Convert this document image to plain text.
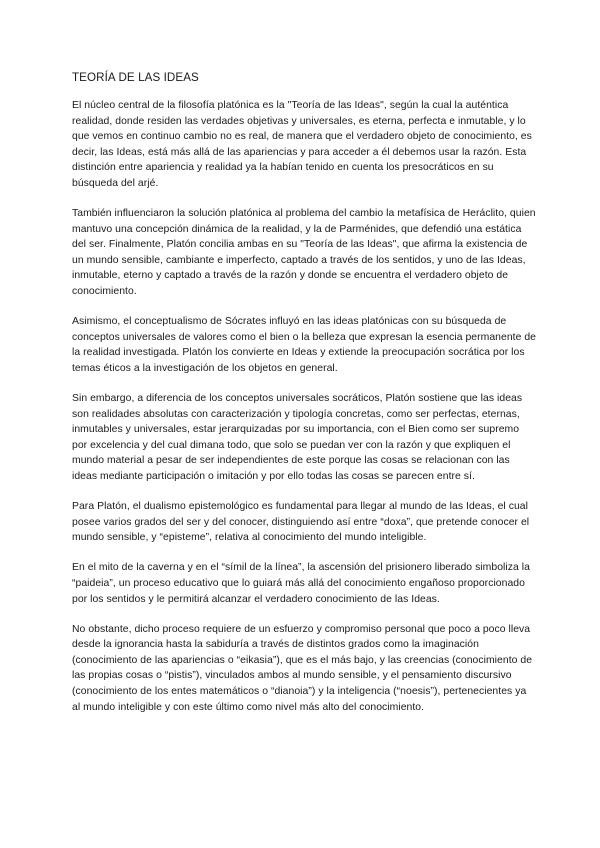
TEORÍA DE LAS IDEAS

El núcleo central de la filosofía platónica es la "Teoría de las Ideas", según la cual la auténtica realidad, donde residen las verdades objetivas y universales, es eterna, perfecta e inmutable, y lo que vemos en continuo cambio no es real, de manera que el verdadero objeto de conocimiento, es decir, las Ideas, está más allá de las apariencias y para acceder a él debemos usar la razón. Esta distinción entre apariencia y realidad ya la habían tenido en cuenta los presocráticos en su búsqueda del arjé.

También influenciaron la solución platónica al problema del cambio la metafísica de Heráclito, quien mantuvo una concepción dinámica de la realidad, y la de Parménides, que defendió una estática del ser. Finalmente, Platón concilia ambas en su "Teoría de las Ideas", que afirma la existencia de un mundo sensible, cambiante e imperfecto, captado a través de los sentidos, y uno de las Ideas, inmutable, eterno y captado a través de la razón y donde se encuentra el verdadero objeto de conocimiento.

Asimismo, el conceptualismo de Sócrates influyó en las ideas platónicas con su búsqueda de conceptos universales de valores como el bien o la belleza que expresan la esencia permanente de la realidad investigada. Platón los convierte en Ideas y extiende la preocupación socrática por los temas éticos a la investigación de los objetos en general.

Sin embargo, a diferencia de los conceptos universales socráticos, Platón sostiene que las ideas son realidades absolutas con caracterización y tipología concretas, como ser perfectas, eternas, inmutables y universales, estar jerarquizadas por su importancia, con el Bien como ser supremo por excelencia y del cual dimana todo, que solo se puedan ver con la razón y que expliquen el mundo material a pesar de ser independientes de este porque las cosas se relacionan con las ideas mediante participación o imitación y por ello todas las cosas se parecen entre sí.

Para Platón, el dualismo epistemológico es fundamental para llegar al mundo de las Ideas, el cual posee varios grados del ser y del conocer, distinguiendo así entre “doxa”, que pretende conocer el mundo sensible, y “episteme”, relativa al conocimiento del mundo inteligible.

En el mito de la caverna y en el “símil de la línea”, la ascensión del prisionero liberado simboliza la “paideia”, un proceso educativo que lo guiará más allá del conocimiento engañoso proporcionado por los sentidos y le permitirá alcanzar el verdadero conocimiento de las Ideas.

No obstante, dicho proceso requiere de un esfuerzo y compromiso personal que poco a poco lleva desde la ignorancia hasta la sabiduría a través de distintos grados como la imaginación (conocimiento de las apariencias o “eikasia”), que es el más bajo, y las creencias (conocimiento de las propias cosas o “pistis”), vinculados ambos al mundo sensible, y el pensamiento discursivo (conocimiento de los entes matemáticos o “dianoia”) y la inteligencia (“noesis”), pertenecientes ya al mundo inteligible y con este último como nivel más alto del conocimiento.
